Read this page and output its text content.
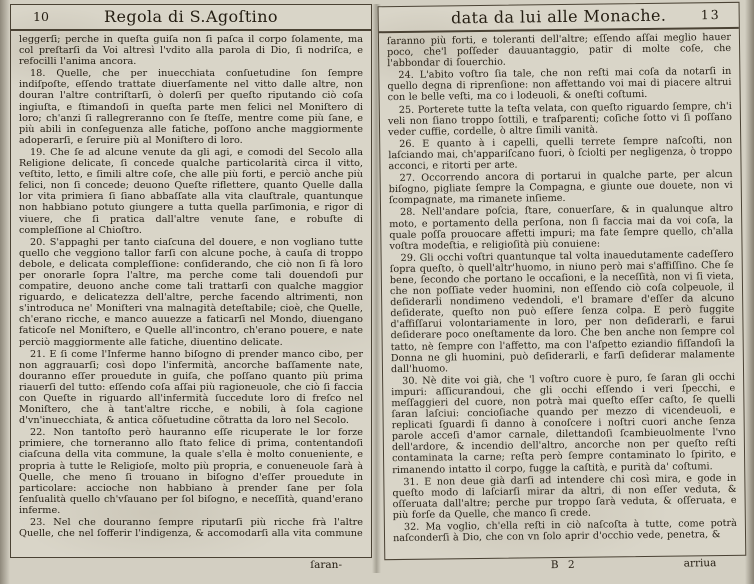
10	Regola di S.Agoſtino

leggerſi; perche in queſta guiſa non ſi paſca il corpo ſolamente, ma col preſtarſi da Voi altresì l'vdito alla parola di Dio, ſi nodriſca, e refocilli l'anima ancora.

18. Quelle, che per inuecchiata conſuetudine ſon ſempre indiſpoſte, eſſendo trattate diuerſamente nel vitto dalle altre, non douran l'altre contriſtarſi, ò dolerſi per queſto riputando ciò coſa ingiuſta, e ſtimandoſi in queſta parte men felici nel Moniſtero di loro; ch'anzi ſi rallegreranno con ſe ſteſſe, mentre come più ſane, e più abili in conſeguenza alle fatiche, poſſono anche maggiormente adoperarſi, e ſeruire più al Moniſtero di loro.

19. Che ſe ad alcune venute da gli agi, e comodi del Secolo alla Religione delicate, ſi concede qualche particolarità circa il vitto, veſtito, letto, e ſimili altre coſe, che alle più forti, e perciò anche più felici, non ſi concede; deuono Queſte riflettere, quanto Quelle dalla lor vita primiera ſi ſiano abbaſſate alla vita clauſtrale, quantunque non habbiano potuto giungere a tutta quella parſimonia, e rigor di viuere, che ſi pratica dall'altre venute ſane, e robuſte di compleſſione al Chioſtro.

20. S'appaghi per tanto ciaſcuna del douere, e non vogliano tutte quello che veggiono tallor farſi con alcune poche, à cauſa di troppo debole, e delicata compleſſione: conſiderando, che ciò non ſi fà loro per onorarle ſopra l'altre, ma perche come tali douendoſi pur compatire, deuono anche come tali trattarſi con qualche maggior riguardo, e delicatezza dell'altre, perche facendo altrimenti, non s'introduca ne' Moniſteri vna malnagità deteſtabile; cioè, che Quelle, ch'erano ricche, e manco auuezze a faticarſi nel Mondo, diuengano faticoſe nel Moniſtero, e Quelle all'incontro, ch'erano pouere, e nate perciò maggiormente alle fatiche, diuentino delicate.

21. E ſi come l'Inferme hanno biſogno di prender manco cibo, per non aggrauarſi; così dopo l'infermità, ancorche baſſamente nate, douranno eſſer prouedute in guiſa, che poſſano quanto più prima riauerſi del tutto: eſſendo coſa aſſai più ragioneuole, che ciò ſi faccia con Queſte in riguardo all'infermità ſuccedute loro di freſco nel Moniſtero, che à tant'altre ricche, e nobili, à ſola cagione d'vn'inuecchiata, & antica cõſuetudine cõtratta da loro nel Secolo.

22. Non tantoſto però hauranno eſſe ricuperate le lor forze primiere, che torneranno allo ſtato felice di prima, contentandoſi ciaſcuna della vita commune, la quale s'ella è molto conueniente, e propria à tutte le Religioſe, molto più propria, e conueneuole ſarà à Quelle, che meno ſi trouano in biſogno d'eſſer prouedute in particolare: accioche non habbiano à prender ſane per ſola ſenſualità quello ch'vſauano per ſol biſogno, e neceſſità, quand'erano inferme.

23. Nel che douranno ſempre riputarſi più ricche frà l'altre Quelle, che nel ſofferir l'indigenza, & accomodarſi alla vita commune

ſaran-
data da lui alle Monache.	13

ſaranno più forti, e toleranti dell'altre; eſſendo aſſai meglio hauer poco, che'l poſſeder dauuantaggio, patir di molte coſe, che l'abbondar di ſouerchio.

24. L'abito voſtro ſia tale, che non reſti mai coſa da notarſi in quello degna di riprenſione: non affettando voi mai di piacere altrui con le belle veſti, ma co i lodeuoli, & oneſti coſtumi.

25. Porterete tutte la teſta velata, con queſto riguardo ſempre, ch'i veli non ſiano troppo ſottili, e traſparenti; coſiche ſotto vi ſi poſſano veder cuffie, cordelle, ò altre ſimili vanità.

26. E quanto à i capelli, quelli terrete ſempre naſcoſti, non laſciando mai, ch'appariſcano fuori, ò ſciolti per negligenza, ò troppo acconci, e ritorti per arte.

27. Occorrendo ancora di portarui in qualche parte, per alcun biſogno, pigliate ſempre la Compagna, e giunte oue douete, non vi ſcompagnate, ma rimanete inſieme.

28. Nell'andare poſcia, ſtare, conuerſare, & in qualunque altro moto, e portamento della perſona, non ſi faccia mai da voi coſa, la quale poſſa prouocare affetti impuri; ma fate ſempre quello, ch'alla voſtra modeſtia, e religioſità più conuiene:

29. Gli occhi voſtri quantunque tal volta inauedutamente cadeſſero ſopra queſto, ò quell'altr'huomo, in niuno però mai s'affiſſino. Che ſe bene, ſecondo che portano le occaſioni, e la neceſſità, non vi ſi vieta, che non poſſiate veder huomini, non eſſendo ciò coſa colpeuole, il deſiderarli nondimeno vedendoli, e'l bramare d'eſſer da alcuno deſiderate, queſto non può eſſere ſenza colpa. E però fuggite d'affiſſarui volontariamente in loro, per non deſiderarli, e farui deſiderare poco oneſtamente da loro. Che ben anche non ſempre col tatto, nè ſempre con l'affetto, ma con l'aſpetto eziandio fiſſandoſi la Donna ne gli huomini, può deſiderarli, e farſi deſiderar malamente dall'huomo.

30. Nè dite voi già, che 'l voſtro cuore è puro, ſe ſaran gli occhi impuri: aſſicurandoui, che gli occhi eſſendo i veri ſpecchi, e meſſaggieri del cuore, non potrà mai queſto eſſer caſto, ſe quelli ſaran laſciui: concioſiache quando per mezzo di vicendeuoli, e replicati ſguardi ſi danno à conoſcere i noſtri cuori anche ſenza parole acceſi d'amor carnale, dilettandoſi ſcambieuolmente l'vno dell'ardore, & incendio dell'altro, ancorche non per queſto reſti contaminata la carne; reſta però ſempre contaminato lo ſpirito, e rimanendo intatto il corpo, fugge la caſtità, e purità da' coſtumi.

31. E non deue già darſi ad intendere chi così mira, e gode in queſto modo di laſciarſi mirar da altri, di non eſſer veduta, & oſſeruata dall'altre; perche pur troppo ſarà veduta, & oſſeruata, e più forſe da Quelle, che manco ſi crede.

32. Ma voglio, ch'ella reſti in ciò naſcoſta à tutte, come potrà naſconderſi à Dio, che con vn ſolo aprir d'occhio vede, penetra, &

B 2	arriua
